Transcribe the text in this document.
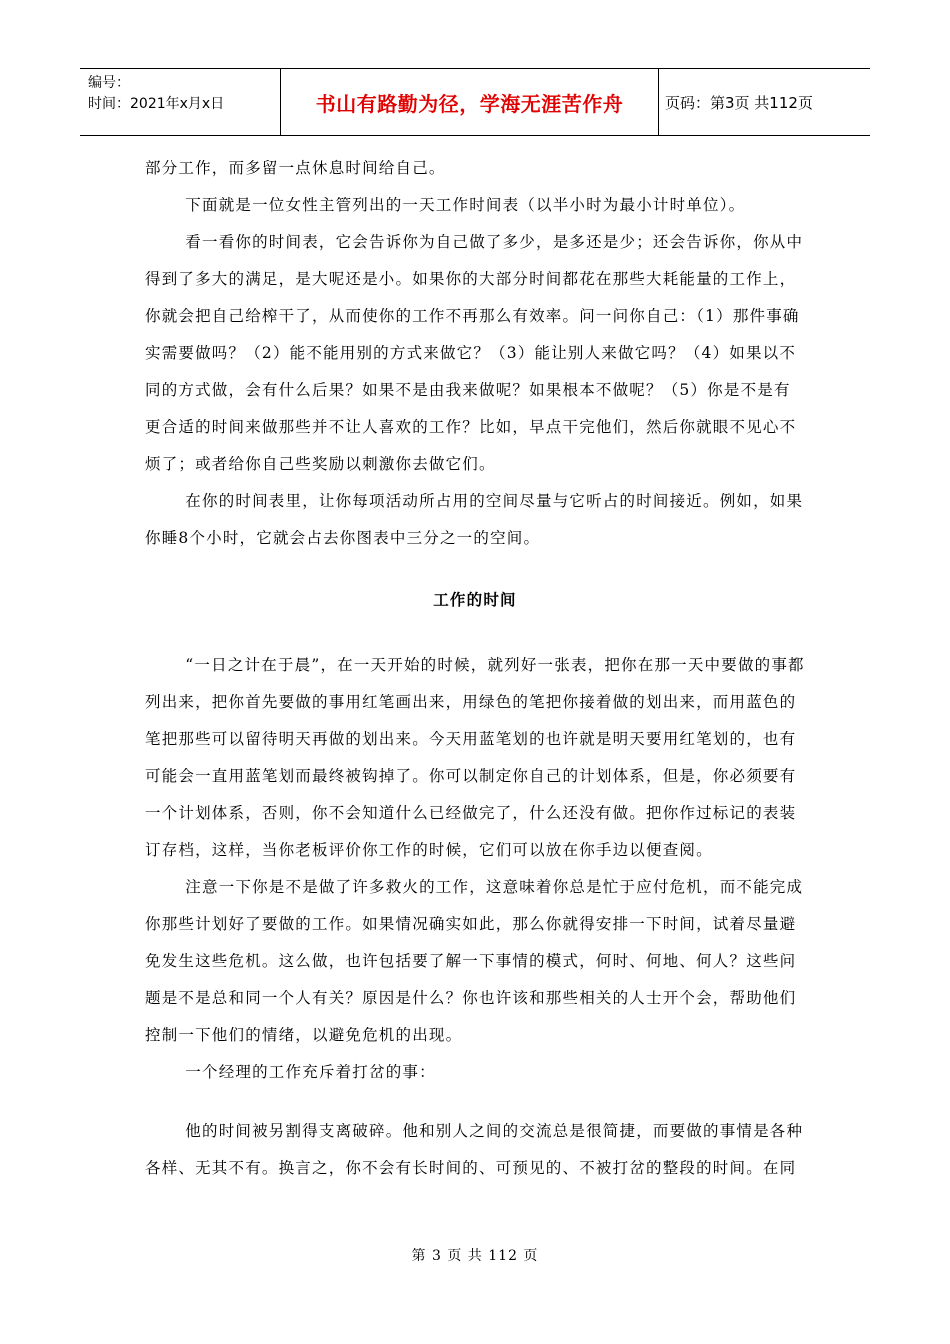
编号：
时间：2021年x月x日	书山有路勤为径，学海无涯苦作舟	页码：第3页 共112页

部分工作，而多留一点休息时间给自己。

下面就是一位女性主管列出的一天工作时间表（以半小时为最小计时单位）。

看一看你的时间表，它会告诉你为自己做了多少，是多还是少；还会告诉你，你从中得到了多大的满足，是大呢还是小。如果你的大部分时间都花在那些大耗能量的工作上，你就会把自己给榨干了，从而使你的工作不再那么有效率。问一问你自己：（1）那件事确实需要做吗？（2）能不能用别的方式来做它？（3）能让别人来做它吗？（4）如果以不同的方式做，会有什么后果？如果不是由我来做呢？如果根本不做呢？（5）你是不是有更合适的时间来做那些并不让人喜欢的工作？比如，早点干完他们，然后你就眼不见心不烦了；或者给你自己些奖励以刺激你去做它们。

在你的时间表里，让你每项活动所占用的空间尽量与它听占的时间接近。例如，如果你睡8个小时，它就会占去你图表中三分之一的空间。

工作的时间

“一日之计在于晨”，在一天开始的时候，就列好一张表，把你在那一天中要做的事都列出来，把你首先要做的事用红笔画出来，用绿色的笔把你接着做的划出来，而用蓝色的笔把那些可以留待明天再做的划出来。今天用蓝笔划的也许就是明天要用红笔划的，也有可能会一直用蓝笔划而最终被钩掉了。你可以制定你自己的计划体系，但是，你必须要有一个计划体系，否则，你不会知道什么已经做完了，什么还没有做。把你作过标记的表装订存档，这样，当你老板评价你工作的时候，它们可以放在你手边以便查阅。

注意一下你是不是做了许多救火的工作，这意味着你总是忙于应付危机，而不能完成你那些计划好了要做的工作。如果情况确实如此，那么你就得安排一下时间，试着尽量避免发生这些危机。这么做，也许包括要了解一下事情的模式，何时、何地、何人？这些问题是不是总和同一个人有关？原因是什么？你也许该和那些相关的人士开个会，帮助他们控制一下他们的情绪，以避免危机的出现。

一个经理的工作充斥着打岔的事：

他的时间被另割得支离破碎。他和别人之间的交流总是很简捷，而要做的事情是各种各样、无其不有。换言之，你不会有长时间的、可预见的、不被打岔的整段的时间。在同

第 3 页 共 112 页
